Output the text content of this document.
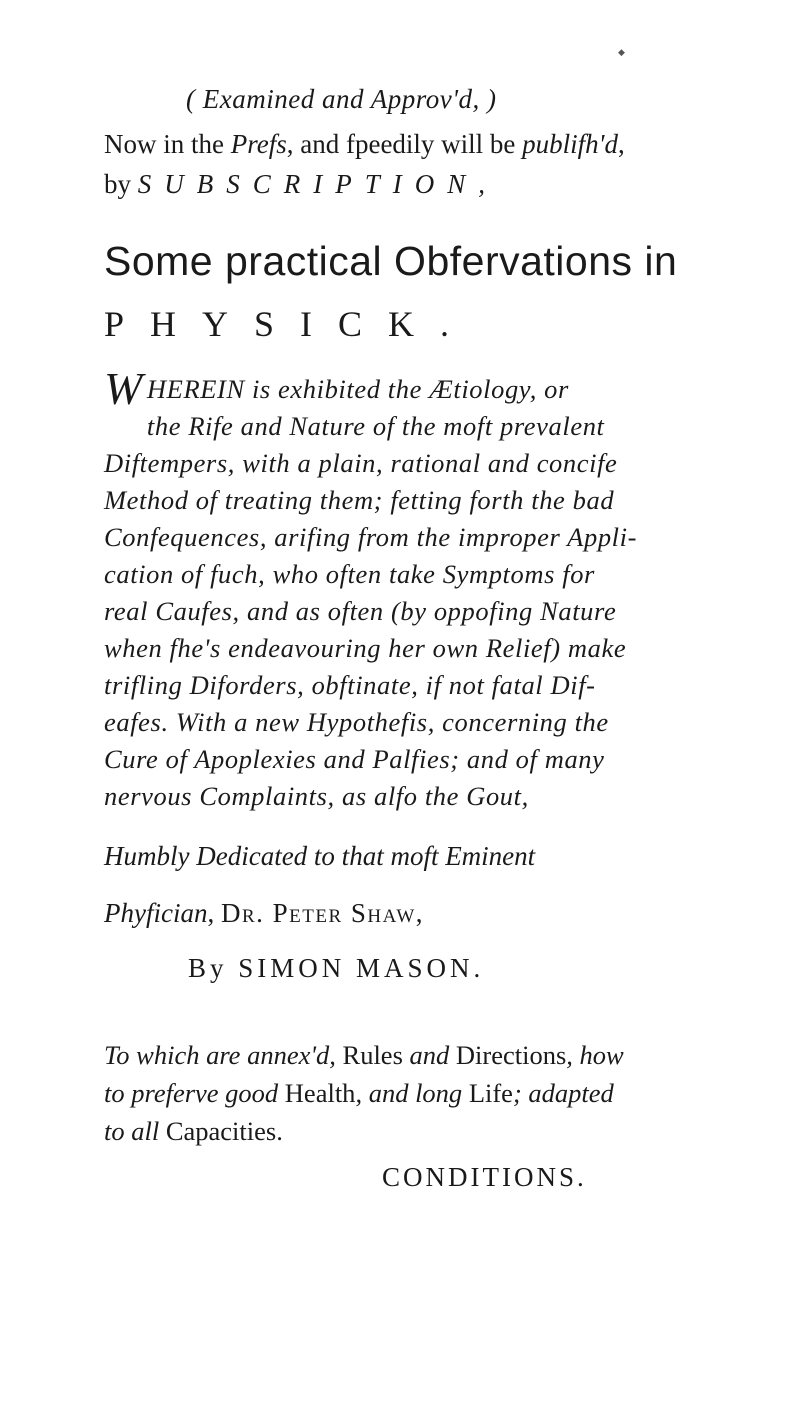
◆
( Examined and Approv'd, )
Now in the Prefs, and fpeedily will be publifh'd,
by SUBSCRIPTION,
Some practical Obfervations in
PHYSICK.
W HEREIN is exhibited the Ætiology, or
the Rife and Nature of the moft prevalent
Diftempers, with a plain, rational and concife
Method of treating them; fetting forth the bad
Confequences, arifing from the improper Appli-
cation of fuch, who often take Symptoms for
real Caufes, and as often (by oppofing Nature
when fhe's endeavouring her own Relief) make
trifling Diforders, obftinate, if not fatal Dif-
eafes. With a new Hypothefis, concerning the
Cure of Apoplexies and Palfies; and of many
nervous Complaints, as alfo the Gout,
Humbly Dedicated to that moft Eminent
Phyfician, Dr. Peter Shaw,
By SIMON MASON.
To which are annex'd, Rules and Directions, how
to preferve good Health, and long Life; adapted
to all Capacities.
CONDITIONS.
